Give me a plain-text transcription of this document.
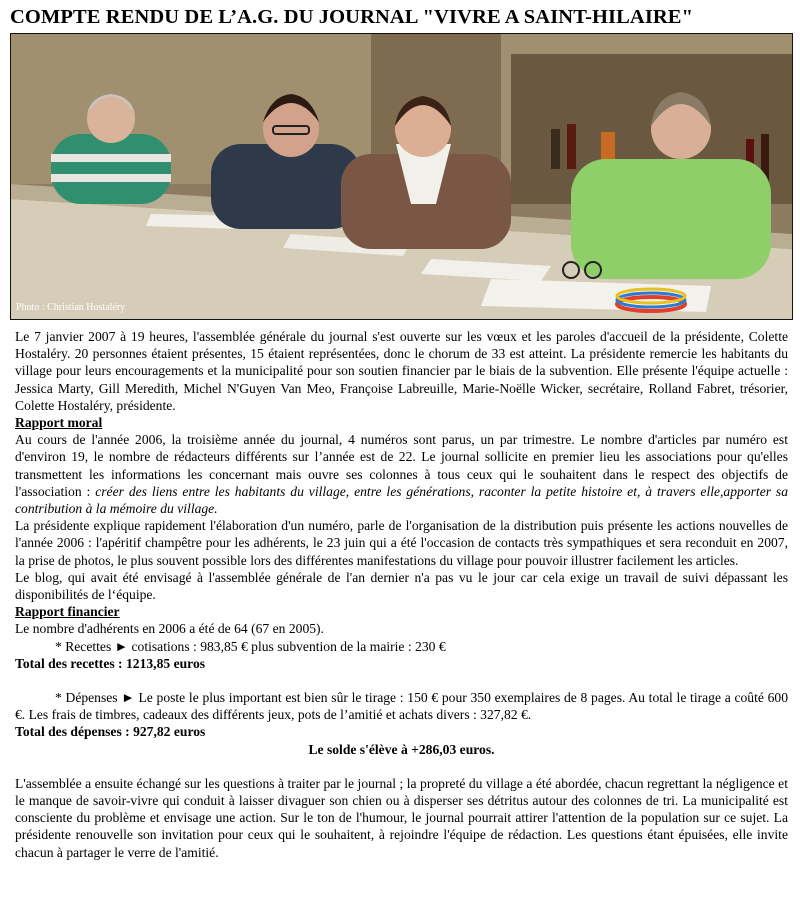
COMPTE RENDU DE L’A.G. DU JOURNAL "VIVRE A SAINT-HILAIRE"
Photo : Christian Hostaléry

Le 7 janvier 2007 à 19 heures, l'assemblée générale du journal s'est ouverte sur les vœux et les paroles d'accueil de la présidente, Colette Hostaléry. 20 personnes étaient présentes, 15 étaient représentées, donc le chorum de 33 est atteint. La présidente remercie les habitants du village pour leurs encouragements et la municipalité pour son soutien financier par le biais de la subvention. Elle présente l'équipe actuelle : Jessica Marty, Gill Meredith, Michel N'Guyen Van Meo, Françoise Labreuille, Marie-Noëlle Wicker, secrétaire, Rolland Fabret, trésorier, Colette Hostaléry, présidente.

Rapport moral

Au cours de l'année 2006, la troisième année du journal, 4 numéros sont parus, un par trimestre. Le nombre d'articles par numéro est d'environ 19, le nombre de rédacteurs différents sur l’année est de 22. Le journal sollicite en premier lieu les associations pour qu'elles transmettent les informations les concernant mais ouvre ses colonnes à tous ceux qui le souhaitent dans le respect des objectifs de l'association : créer des liens entre les habitants du village, entre les générations, raconter la petite histoire et, à travers elle,apporter sa contribution à la mémoire du village.

La présidente explique rapidement l'élaboration d'un numéro, parle de l'organisation de la distribution puis présente les actions nouvelles de l'année 2006 : l'apéritif champêtre pour les adhérents, le 23 juin qui a été l'occasion de contacts très sympathiques et sera reconduit en 2007, la prise de photos, le plus souvent possible lors des différentes manifestations du village pour pouvoir illustrer facilement les articles.

Le blog, qui avait été envisagé à l'assemblée générale de l'an dernier n'a pas vu le jour car cela exige un travail de suivi dépassant les disponibilités de l‘équipe.

Rapport financier

Le nombre d'adhérents en 2006 a été de 64 (67 en 2005).

* Recettes ► cotisations : 983,85 € plus subvention de la mairie : 230 €

Total des recettes : 1213,85 euros

* Dépenses ► Le poste le plus important est bien sûr le tirage : 150 € pour 350 exemplaires de 8 pages. Au total le tirage a coûté 600 €. Les frais de timbres, cadeaux des différents jeux, pots de l’amitié et achats divers : 327,82 €.

Total des dépenses : 927,82 euros

Le solde s'élève à +286,03 euros.

L'assemblée a ensuite échangé sur les questions à traiter par le journal ; la propreté du village a été abordée, chacun regrettant la négligence et le manque de savoir-vivre qui conduit à laisser divaguer son chien ou à disperser ses détritus autour des colonnes de tri. La municipalité est consciente du problème et envisage une action. Sur le ton de l'humour, le journal pourrait attirer l'attention de la population sur ce sujet. La présidente renouvelle son invitation pour ceux qui le souhaitent, à rejoindre l'équipe de rédaction. Les questions étant épuisées, elle invite chacun à partager le verre de l'amitié.
